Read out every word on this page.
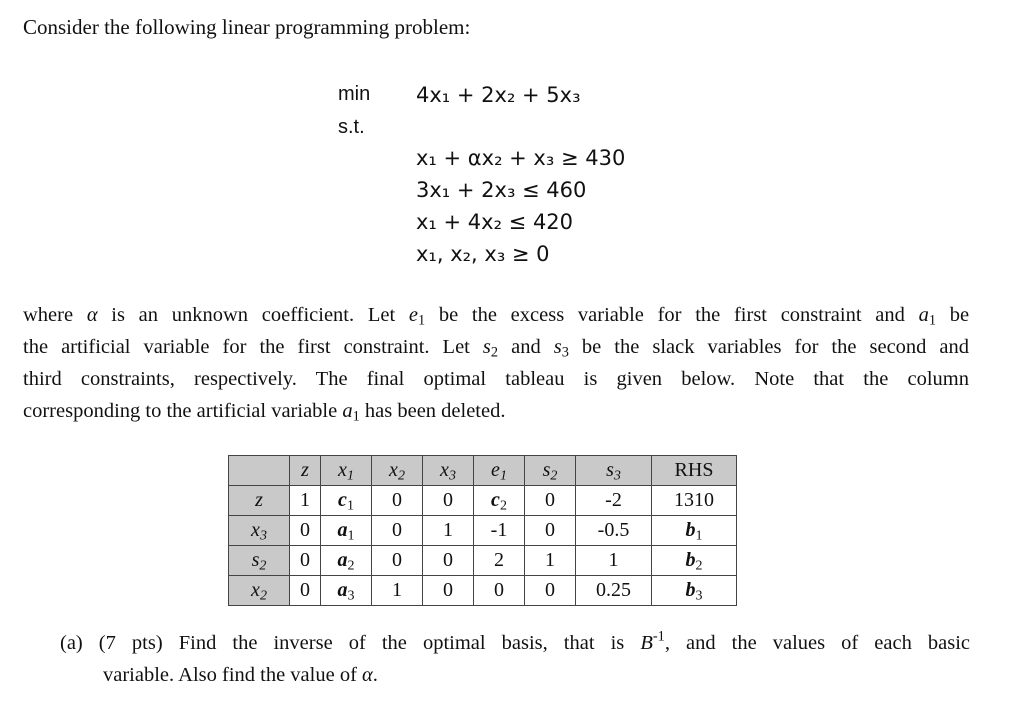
Consider the following linear programming problem:
min 4x₁ + 2x₂ + 5x₃
s.t.
x₁ + αx₂ + x₃ ≥ 430
3x₁ + 2x₃ ≤ 460
x₁ + 4x₂ ≤ 420
x₁, x₂, x₃ ≥ 0
where α is an unknown coefficient. Let $e_1$ be the excess variable for the first constraint and $a_1$ be
the artificial variable for the first constraint. Let $s_2$ and $s_3$ be the slack variables for the second and
third constraints, respectively. The final optimal tableau is given below. Note that the column
corresponding to the artificial variable $a_1$ has been deleted.
	z	$x_1$	$x_2$	$x_3$	$e_1$	$s_2$	$s_3$	RHS
z	1	$c_1$	0	0	$c_2$	0	-2	1310
$x_3$	0	$a_1$	0	1	-1	0	-0.5	$b_1$
$s_2$	0	$a_2$	0	0	2	1	1	$b_2$
$x_2$	0	$a_3$	1	0	0	0	0.25	$b_3$
(a) (7 pts) Find the inverse of the optimal basis, that is $B^{-1}$, and the values of each basic
variable. Also find the value of α.
